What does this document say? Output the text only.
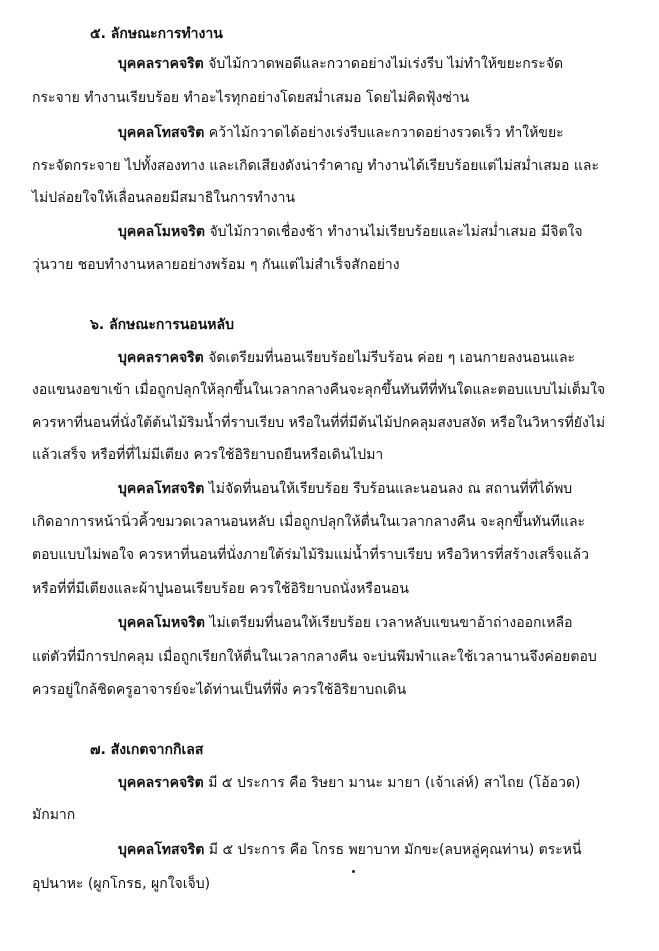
๕. ลักษณะการทำงาน
บุคคลราคจริต จับไม้กวาดพอดีและกวาดอย่างไม่เร่งรีบ ไม่ทำให้ขยะกระจัด
กระจาย ทำงานเรียบร้อย ทำอะไรทุกอย่างโดยสม่ำเสมอ โดยไม่คิดฟุ้งซ่าน
บุคคลโทสจริต คว้าไม้กวาดได้อย่างเร่งรีบและกวาดอย่างรวดเร็ว ทำให้ขยะ
กระจัดกระจาย ไปทั้งสองทาง และเกิดเสียงดังน่ารำคาญ ทำงานได้เรียบร้อยแต่ไม่สม่ำเสมอ และ
ไม่ปล่อยใจให้เลื่อนลอยมีสมาธิในการทำงาน
บุคคลโมหจริต จับไม้กวาดเชื่องช้า ทำงานไม่เรียบร้อยและไม่สม่ำเสมอ มีจิตใจ
วุ่นวาย ชอบทำงานหลายอย่างพร้อม ๆ กันแต่ไม่สำเร็จสักอย่าง
๖. ลักษณะการนอนหลับ
บุคคลราคจริต จัดเตรียมที่นอนเรียบร้อยไม่รีบร้อน ค่อย ๆ เอนกายลงนอนและ
งอแขนงอขาเข้า เมื่อถูกปลุกให้ลุกขึ้นในเวลากลางคืนจะลุกขึ้นทันทีที่ทันใดและตอบแบบไม่เต็มใจ
ควรหาที่นอนที่นั่งใต้ต้นไม้ริมน้ำที่ราบเรียบ หรือในที่ที่มีต้นไม้ปกคลุมสงบสงัด หรือในวิหารที่ยังไม่
แล้วเสร็จ หรือที่ที่ไม่มีเตียง ควรใช้อิริยาบถยืนหรือเดินไปมา
บุคคลโทสจริต ไม่จัดที่นอนให้เรียบร้อย รีบร้อนและนอนลง ณ สถานที่ที่ได้พบ
เกิดอาการหน้านิ่วคิ้วขมวดเวลานอนหลับ เมื่อถูกปลุกให้ตื่นในเวลากลางคืน จะลุกขึ้นทันทีและ
ตอบแบบไม่พอใจ ควรหาที่นอนที่นั่งภายใต้ร่มไม้ริมแม่น้ำที่ราบเรียบ หรือวิหารที่สร้างเสร็จแล้ว
หรือที่ที่มีเตียงและผ้าปูนอนเรียบร้อย ควรใช้อิริยาบถนั่งหรือนอน
บุคคลโมหจริต ไม่เตรียมที่นอนให้เรียบร้อย เวลาหลับแขนขาอ้าถ่างออกเหลือ
แต่ตัวที่มีการปกคลุม เมื่อถูกเรียกให้ตื่นในเวลากลางคืน จะบ่นพึมพำและใช้เวลานานจึงค่อยตอบ
ควรอยู่ใกล้ชิดครูอาจารย์จะได้ท่านเป็นที่พึ่ง ควรใช้อิริยาบถเดิน
๗. สังเกตจากกิเลส
บุคคลราคจริต มี ๕ ประการ คือ ริษยา มานะ มายา (เจ้าเล่ห์) สาไถย (โอ้อวด)
มักมาก
บุคคลโทสจริต มี ๕ ประการ คือ โกรธ พยาบาท มักขะ(ลบหลู่คุณท่าน) ตระหนี่
อุปนาหะ (ผูกโกรธ, ผูกใจเจ็บ)
